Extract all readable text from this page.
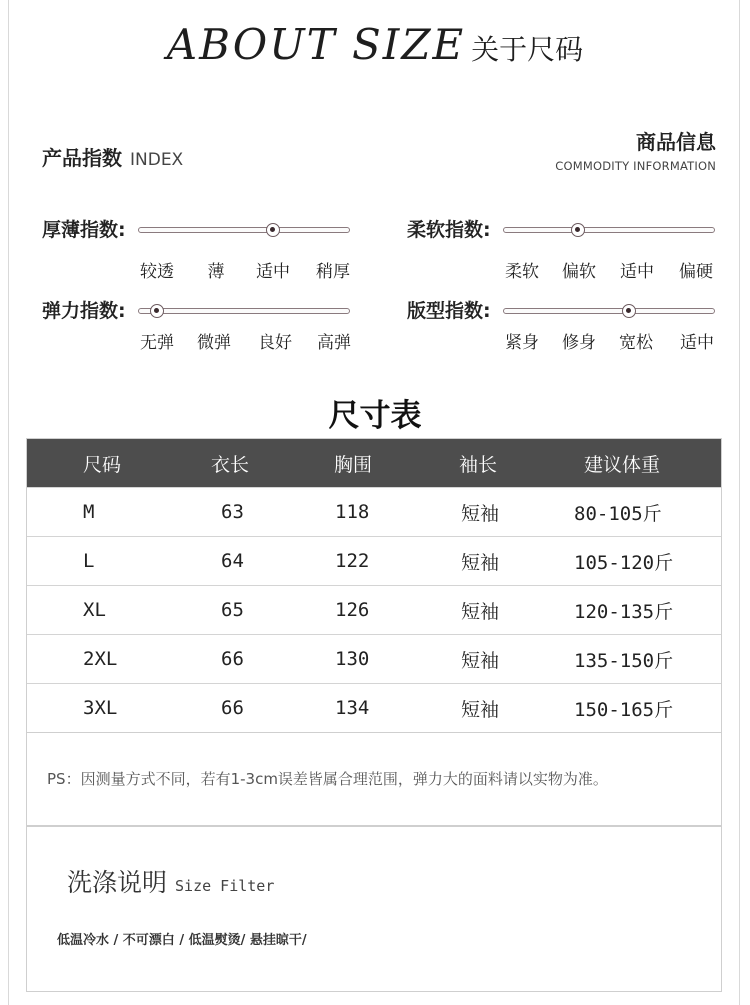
ABOUT SIZE 关于尺码
产品指数 INDEX
商品信息
COMMODITY INFORMATION
厚薄指数:
较透 薄 适中 稍厚
柔软指数:
柔软 偏软 适中 偏硬
弹力指数:
无弹 微弹 良好 高弹
版型指数:
紧身 修身 宽松 适中
尺寸表
尺码	衣长	胸围	袖长	建议体重
M	63	118	短袖	80-105斤
L	64	122	短袖	105-120斤
XL	65	126	短袖	120-135斤
2XL	66	130	短袖	135-150斤
3XL	66	134	短袖	150-165斤
PS：因测量方式不同，若有1-3cm误差皆属合理范围，弹力大的面料请以实物为准。
洗涤说明 Size Filter
低温冷水 / 不可漂白 / 低温熨烫/ 悬挂晾干/
